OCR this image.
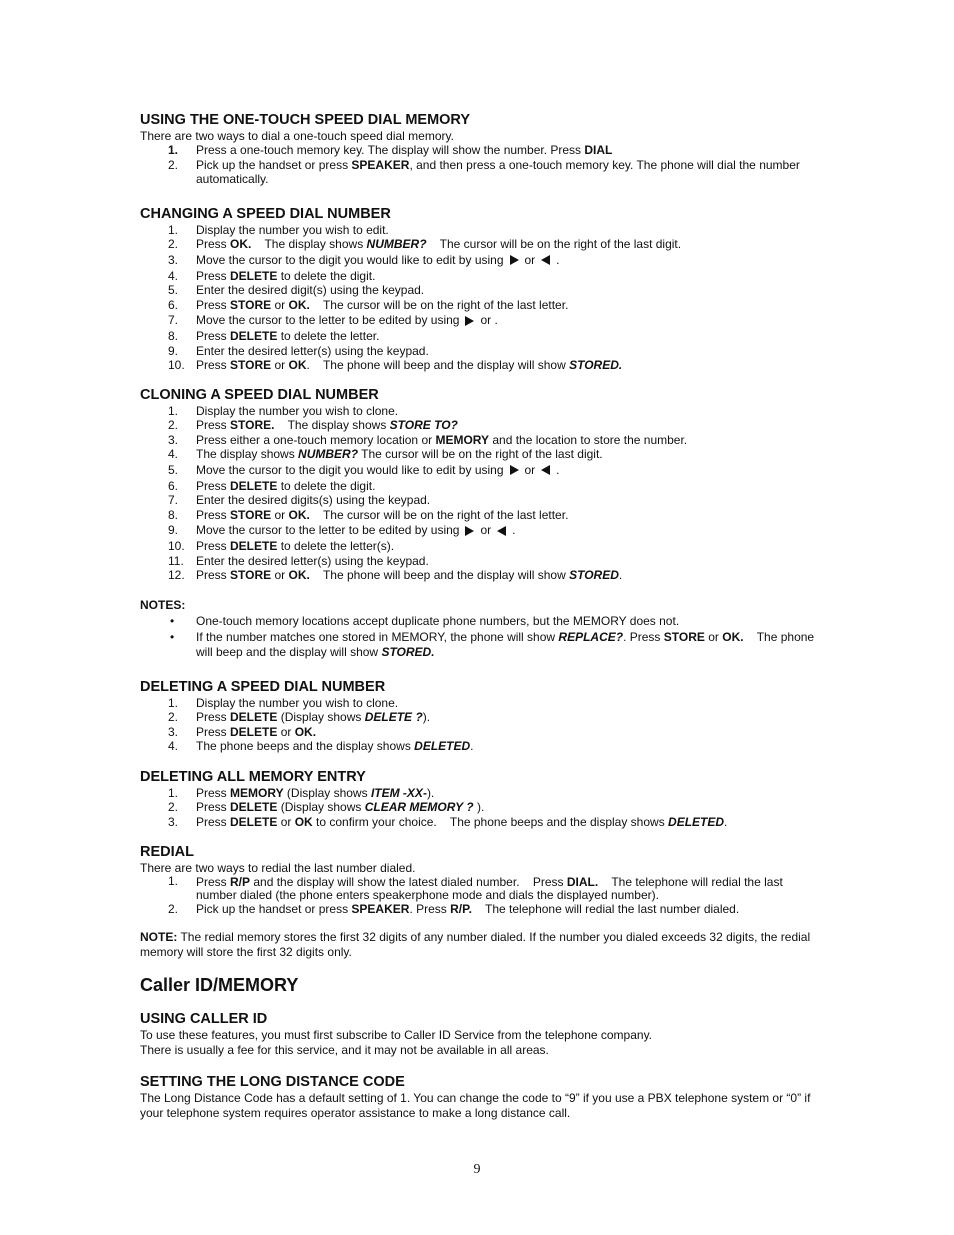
USING THE ONE-TOUCH SPEED DIAL MEMORY

There are two ways to dial a one-touch speed dial memory.

1. Press a one-touch memory key. The display will show the number. Press DIAL
2. Pick up the handset or press SPEAKER, and then press a one-touch memory key. The phone will dial the number automatically.
CHANGING A SPEED DIAL NUMBER
1. Display the number you wish to edit.
2. Press OK.    The display shows NUMBER?    The cursor will be on the right of the last digit.
3. Move the cursor to the digit you would like to edit by using or .
4. Press DELETE to delete the digit.
5. Enter the desired digit(s) using the keypad.
6. Press STORE or OK.    The cursor will be on the right of the last letter.
7. Move the cursor to the letter to be edited by using or .
8. Press DELETE to delete the letter.
9. Enter the desired letter(s) using the keypad.
10. Press STORE or OK.    The phone will beep and the display will show STORED.
CLONING A SPEED DIAL NUMBER
1. Display the number you wish to clone.
2. Press STORE.    The display shows STORE TO?
3. Press either a one-touch memory location or MEMORY and the location to store the number.
4. The display shows NUMBER? The cursor will be on the right of the last digit.
5. Move the cursor to the digit you would like to edit by using or .
6. Press DELETE to delete the digit.
7. Enter the desired digits(s) using the keypad.
8. Press STORE or OK.    The cursor will be on the right of the last letter.
9. Move the cursor to the letter to be edited by using or .
10. Press DELETE to delete the letter(s).
11. Enter the desired letter(s) using the keypad.
12. Press STORE or OK.    The phone will beep and the display will show STORED.
NOTES:
• One-touch memory locations accept duplicate phone numbers, but the MEMORY does not.
• If the number matches one stored in MEMORY, the phone will show REPLACE?. Press STORE or OK.    The phone will beep and the display will show STORED.
DELETING A SPEED DIAL NUMBER
1. Display the number you wish to clone.
2. Press DELETE (Display shows DELETE ?).
3. Press DELETE or OK.
4. The phone beeps and the display shows DELETED.
DELETING ALL MEMORY ENTRY
1. Press MEMORY (Display shows ITEM -XX-).
2. Press DELETE (Display shows CLEAR MEMORY ? ).
3. Press DELETE or OK to confirm your choice.    The phone beeps and the display shows DELETED.
REDIAL

There are two ways to redial the last number dialed.

1. Press R/P and the display will show the latest dialed number.    Press DIAL.    The telephone will redial the last number dialed (the phone enters speakerphone mode and dials the displayed number).
2. Pick up the handset or press SPEAKER. Press R/P.    The telephone will redial the last number dialed.

NOTE: The redial memory stores the first 32 digits of any number dialed. If the number you dialed exceeds 32 digits, the redial memory will store the first 32 digits only.

Caller ID/MEMORY
USING CALLER ID

To use these features, you must first subscribe to Caller ID Service from the telephone company.

There is usually a fee for this service, and it may not be available in all areas.

SETTING THE LONG DISTANCE CODE

The Long Distance Code has a default setting of 1. You can change the code to “9” if you use a PBX telephone system or “0” if your telephone system requires operator assistance to make a long distance call.

9
